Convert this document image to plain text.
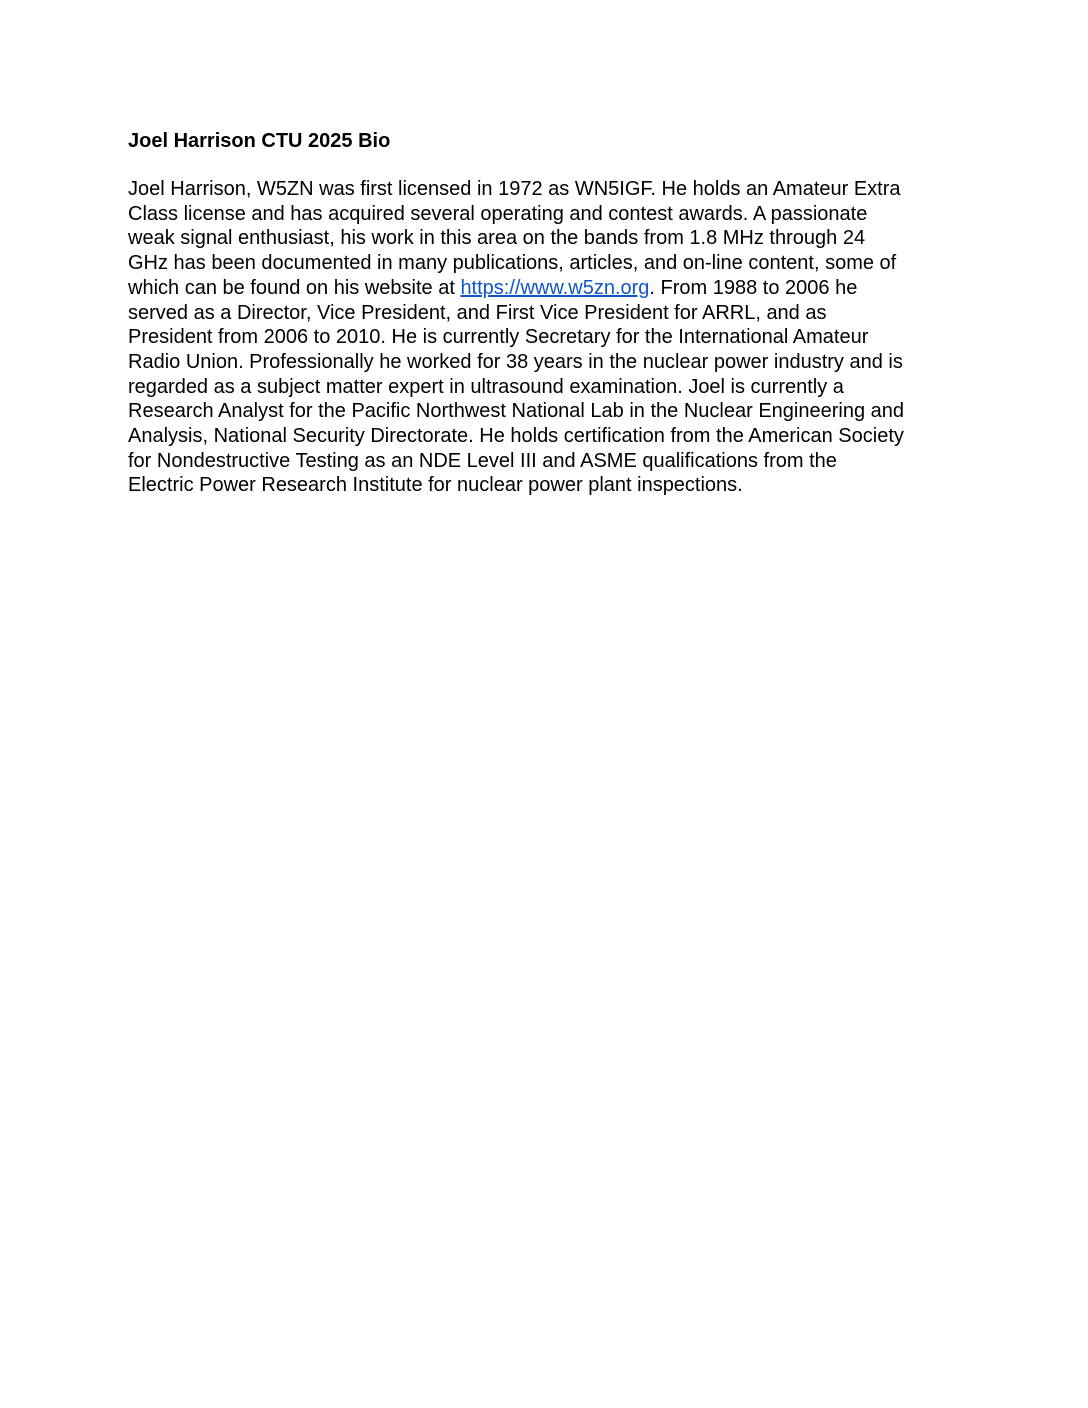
Joel Harrison CTU 2025 Bio
Joel Harrison, W5ZN was first licensed in 1972 as WN5IGF. He holds an Amateur Extra
Class license and has acquired several operating and contest awards. A passionate
weak signal enthusiast, his work in this area on the bands from 1.8 MHz through 24
GHz has been documented in many publications, articles, and on-line content, some of
which can be found on his website at https://www.w5zn.org. From 1988 to 2006 he
served as a Director, Vice President, and First Vice President for ARRL, and as
President from 2006 to 2010. He is currently Secretary for the International Amateur
Radio Union. Professionally he worked for 38 years in the nuclear power industry and is
regarded as a subject matter expert in ultrasound examination. Joel is currently a
Research Analyst for the Pacific Northwest National Lab in the Nuclear Engineering and
Analysis, National Security Directorate. He holds certification from the American Society
for Nondestructive Testing as an NDE Level III and ASME qualifications from the
Electric Power Research Institute for nuclear power plant inspections.
